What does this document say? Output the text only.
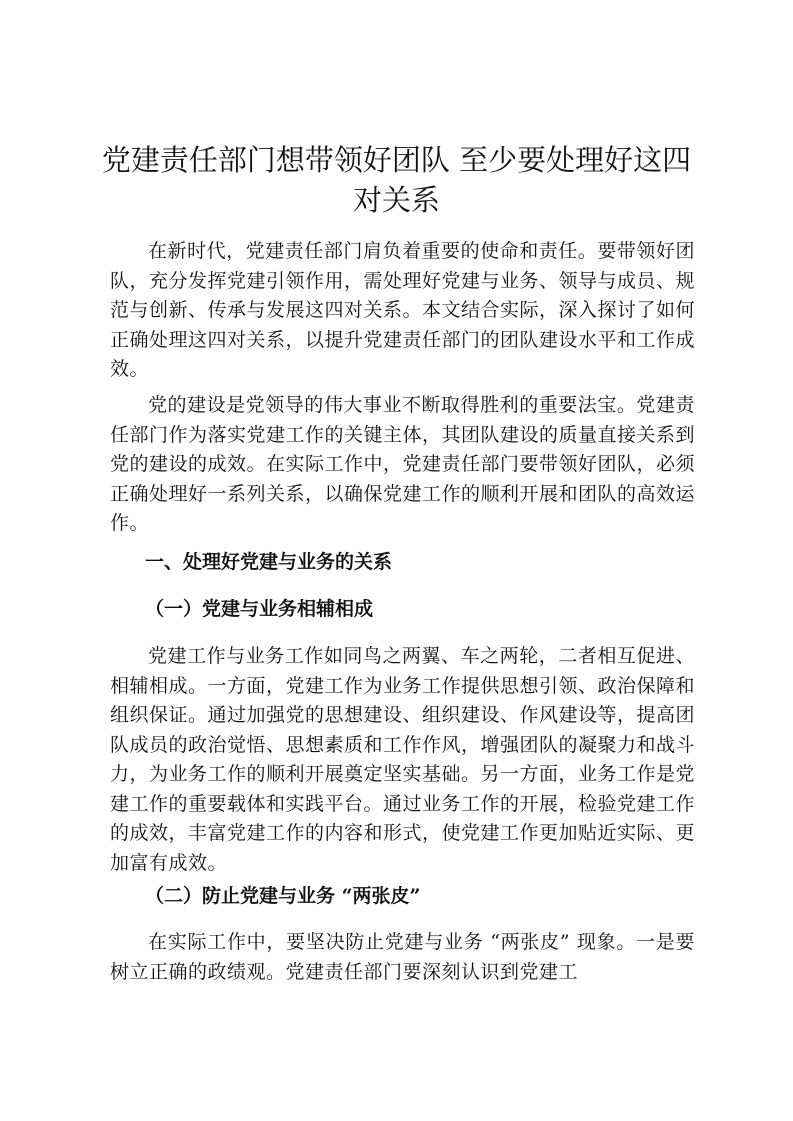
党建责任部门想带领好团队 至少要处理好这四对关系

在新时代，党建责任部门肩负着重要的使命和责任。要带领好团队，充分发挥党建引领作用，需处理好党建与业务、领导与成员、规范与创新、传承与发展这四对关系。本文结合实际，深入探讨了如何正确处理这四对关系，以提升党建责任部门的团队建设水平和工作成效。

党的建设是党领导的伟大事业不断取得胜利的重要法宝。党建责任部门作为落实党建工作的关键主体，其团队建设的质量直接关系到党的建设的成效。在实际工作中，党建责任部门要带领好团队，必须正确处理好一系列关系，以确保党建工作的顺利开展和团队的高效运作。

一、处理好党建与业务的关系
（一）党建与业务相辅相成

党建工作与业务工作如同鸟之两翼、车之两轮，二者相互促进、相辅相成。一方面，党建工作为业务工作提供思想引领、政治保障和组织保证。通过加强党的思想建设、组织建设、作风建设等，提高团队成员的政治觉悟、思想素质和工作作风，增强团队的凝聚力和战斗力，为业务工作的顺利开展奠定坚实基础。另一方面，业务工作是党建工作的重要载体和实践平台。通过业务工作的开展，检验党建工作的成效，丰富党建工作的内容和形式，使党建工作更加贴近实际、更加富有成效。

（二）防止党建与业务 “两张皮”

在实际工作中，要坚决防止党建与业务 “两张皮” 现象。一是要树立正确的政绩观。党建责任部门要深刻认识到党建工
